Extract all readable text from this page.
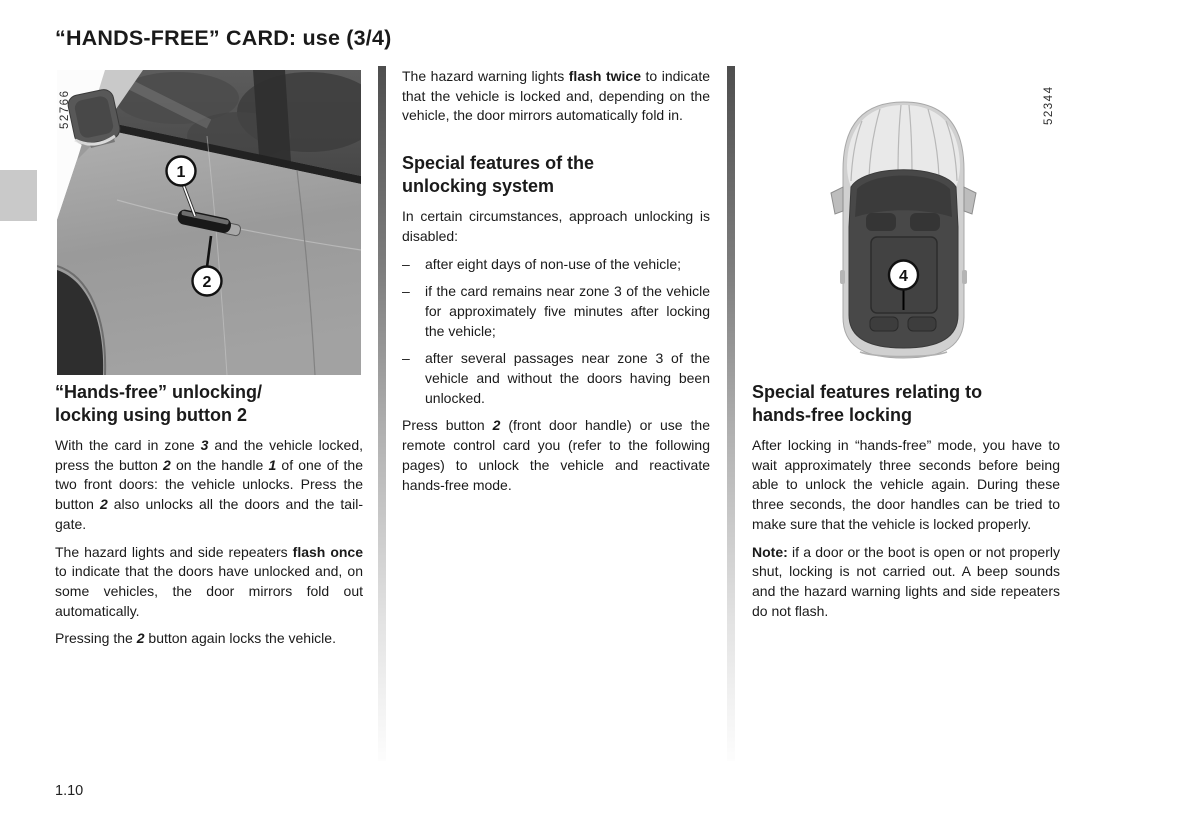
“HANDS-FREE” CARD: use (3/4)
1
2
52766
4
52344
“Hands-free” unlocking/
locking using button 2

With the card in zone 3 and the vehicle locked, press the button 2 on the handle 1 of one of the two front doors: the vehicle unlocks. Press the button 2 also unlocks all the doors and the tailgate.

The hazard lights and side repeaters flash once to indicate that the doors have unlocked and, on some vehicles, the door mirrors fold out automatically.

Pressing the 2 button again locks the vehicle.

The hazard warning lights flash twice to indicate that the vehicle is locked and, depending on the vehicle, the door mirrors automatically fold in.

Special features of the
unlocking system

In certain circumstances, approach unlocking is disabled:

–	after eight days of non-use of the vehicle;
–	if the card remains near zone 3 of the vehicle for approximately five minutes after locking the vehicle;
–	after several passages near zone 3 of the vehicle and without the doors having been unlocked.

Press button 2 (front door handle) or use the remote control card you (refer to the following pages) to unlock the vehicle and reactivate hands-free mode.

Special features relating to
hands-free locking

After locking in “hands-free” mode, you have to wait approximately three seconds before being able to unlock the vehicle again. During these three seconds, the door handles can be tried to make sure that the vehicle is locked properly.

Note: if a door or the boot is open or not properly shut, locking is not carried out. A beep sounds and the hazard warning lights and side repeaters do not flash.

1.10
